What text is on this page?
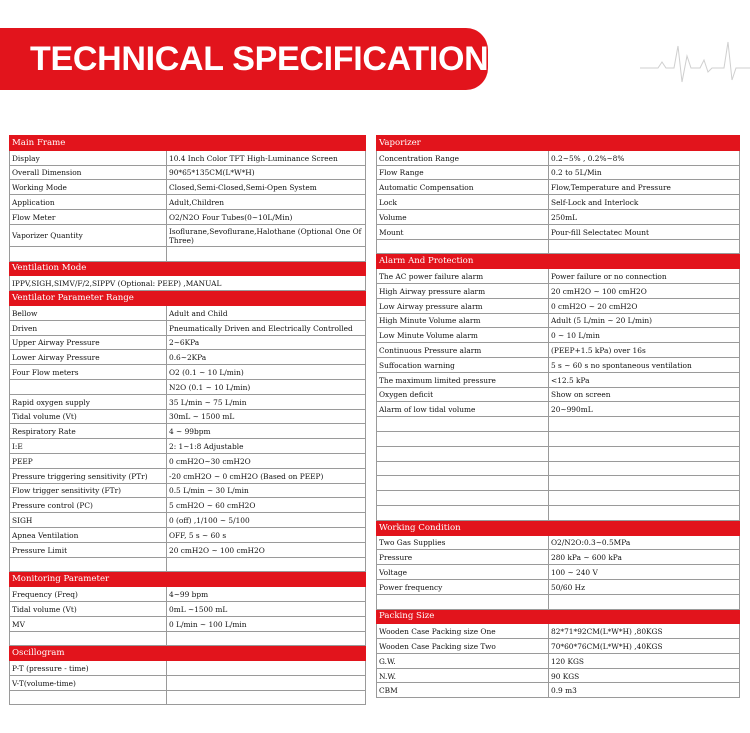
TECHNICAL SPECIFICATION
Main Frame	
Display	10.4 Inch Color TFT High-Luminance Screen
Overall Dimension	90*65*135CM(L*W*H)
Working Mode	Closed,Semi-Closed,Semi-Open System
Application	Adult,Children
Flow Meter	O2/N2O Four Tubes(0~10L/Min)
Vaporizer Quantity	Isoflurane,Sevoflurane,Halothane (Optional One Of Three)

Ventilation Mode	
IPPV,SIGH,SIMV/F/2,SIPPV (Optional: PEEP) ,MANUAL	
Ventilator Parameter Range	
Bellow	Adult and Child
Driven	Pneumatically Driven and Electrically Controlled
Upper Airway Pressure	2~6KPa
Lower Airway Pressure	0.6~2KPa
Four Flow meters	O2 (0.1 ~ 10 L/min)
	N2O (0.1 ~ 10 L/min)
Rapid oxygen supply	35 L/min ~ 75 L/min
Tidal volume (Vt)	30mL ~ 1500 mL
Respiratory Rate	4 ~ 99bpm
I:E	2: 1~1:8 Adjustable
PEEP	0 cmH2O~30 cmH2O
Pressure triggering sensitivity (PTr)	-20 cmH2O ~ 0 cmH2O (Based on PEEP)
Flow trigger sensitivity (FTr)	0.5 L/min ~ 30 L/min
Pressure control (PC)	5 cmH2O ~ 60 cmH2O
SIGH	0 (off) ,1/100 ~ 5/100
Apnea Ventilation	OFF, 5 s ~ 60 s
Pressure Limit	20 cmH2O ~ 100 cmH2O

Monitoring Parameter	
Frequency (Freq)	4~99 bpm
Tidal volume (Vt)	0mL ~1500 mL
MV	0 L/min ~ 100 L/min

Oscillogram	
P-T (pressure - time)	
V-T(volume-time)	

Vaporizer	
Concentration Range	0.2~5% , 0.2%~8%
Flow Range	0.2 to 5L/Min
Automatic Compensation	Flow,Temperature and Pressure
Lock	Self-Lock and Interlock
Volume	250mL
Mount	Pour-fill Selectatec Mount

Alarm And Protection	
The AC power failure alarm	Power failure or no connection
High Airway pressure alarm	20 cmH2O ~ 100 cmH2O
Low Airway pressure alarm	0 cmH2O ~ 20 cmH2O
High Minute Volume alarm	Adult (5 L/min ~ 20 L/min)
Low Minute Volume alarm	0 ~ 10 L/min
Continuous Pressure alarm	(PEEP+1.5 kPa) over 16s
Suffocation warning	5 s ~ 60 s no spontaneous ventilation
The maximum limited pressure	<12.5 kPa
Oxygen deficit	Show on screen
Alarm of low tidal volume	20~990mL

Working Condition	
Two Gas Supplies	O2/N2O:0.3~0.5MPa
Pressure	280 kPa ~ 600 kPa
Voltage	100 ~ 240 V
Power frequency	50/60 Hz

Packing Size	
Wooden Case Packing size One	82*71*92CM(L*W*H) ,80KGS
Wooden Case Packing size Two	70*60*76CM(L*W*H) ,40KGS
G.W.	120 KGS
N.W.	90 KGS
CBM	0.9 m3
